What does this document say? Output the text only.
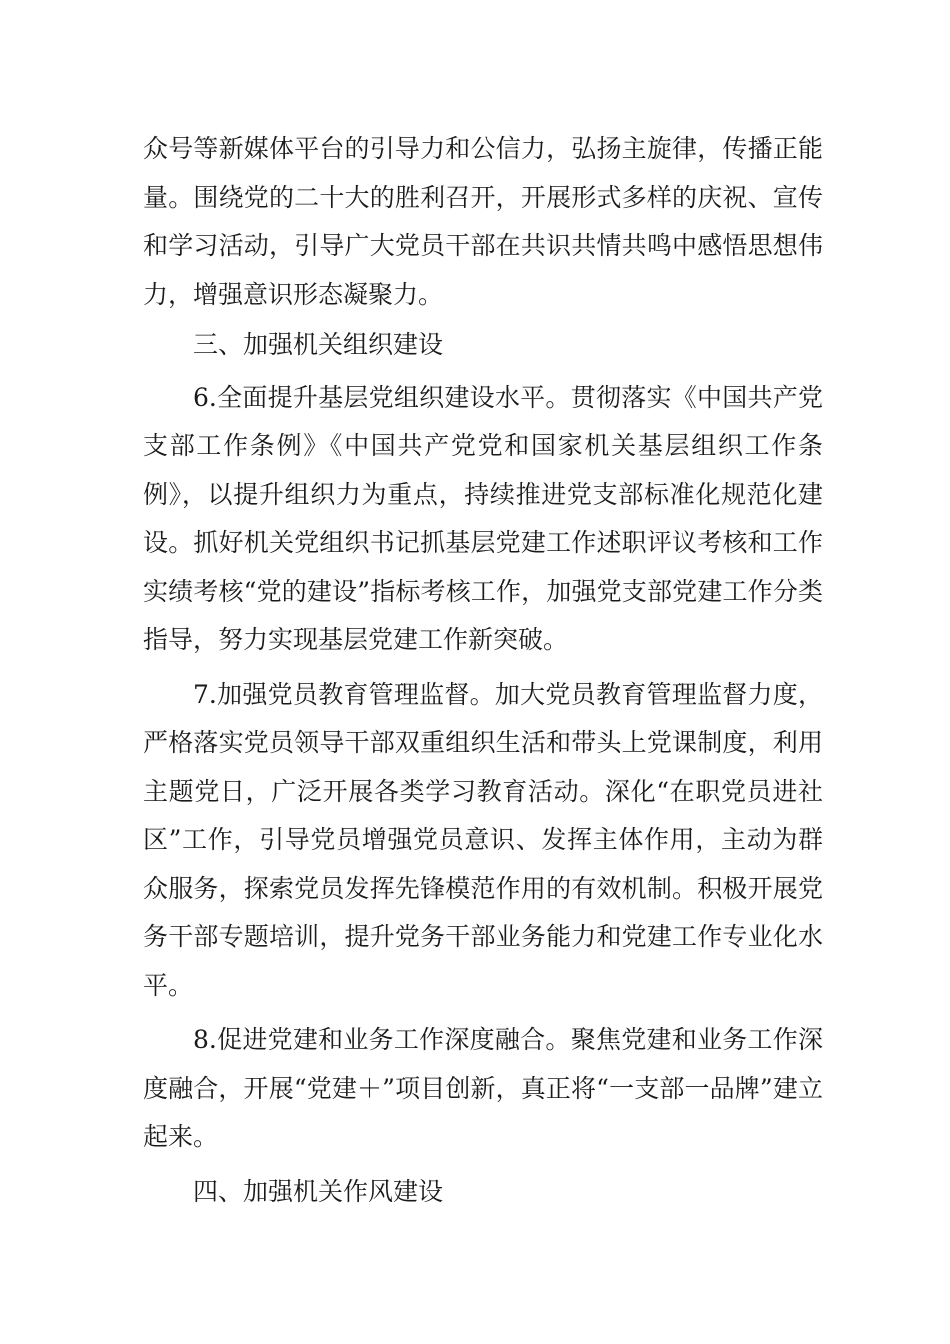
众号等新媒体平台的引导力和公信力，弘扬主旋律，传播正能量。围绕党的二十大的胜利召开，开展形式多样的庆祝、宣传和学习活动，引导广大党员干部在共识共情共鸣中感悟思想伟力，增强意识形态凝聚力。

三、加强机关组织建设

6.全面提升基层党组织建设水平。贯彻落实《中国共产党支部工作条例》《中国共产党党和国家机关基层组织工作条例》，以提升组织力为重点，持续推进党支部标准化规范化建设。抓好机关党组织书记抓基层党建工作述职评议考核和工作实绩考核“党的建设”指标考核工作，加强党支部党建工作分类指导，努力实现基层党建工作新突破。

7.加强党员教育管理监督。加大党员教育管理监督力度，严格落实党员领导干部双重组织生活和带头上党课制度，利用主题党日，广泛开展各类学习教育活动。深化“在职党员进社区”工作，引导党员增强党员意识、发挥主体作用，主动为群众服务，探索党员发挥先锋模范作用的有效机制。积极开展党务干部专题培训，提升党务干部业务能力和党建工作专业化水平。

8.促进党建和业务工作深度融合。聚焦党建和业务工作深度融合，开展“党建＋”项目创新，真正将“一支部一品牌”建立起来。

四、加强机关作风建设
